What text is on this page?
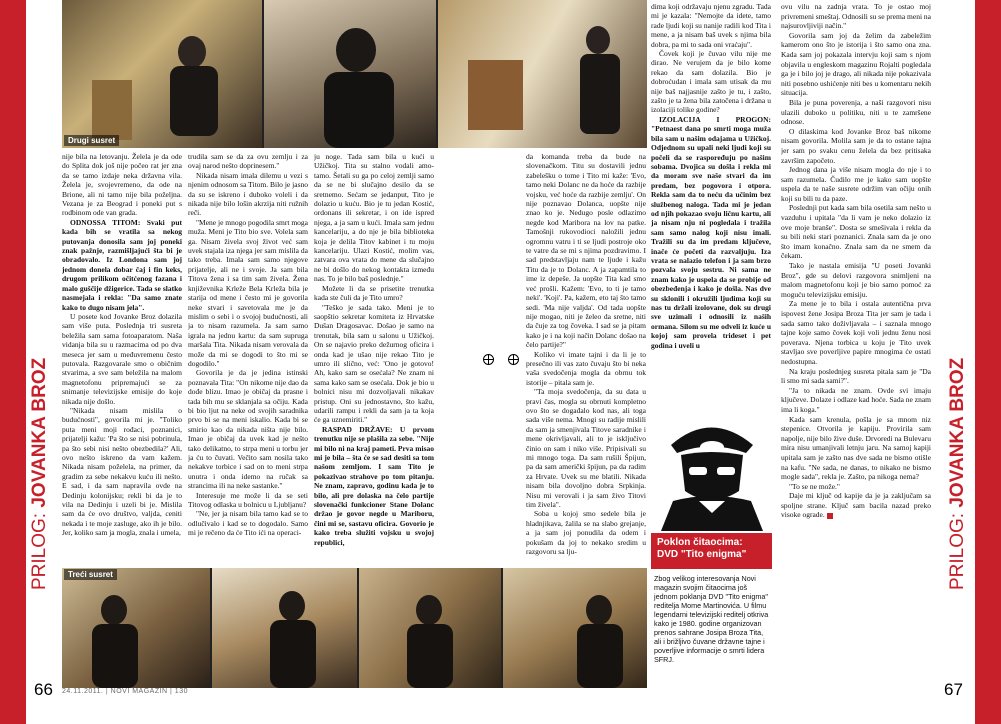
PRILOG: JOVANKA BROZ
PRILOG: JOVANKA BROZ
66	67
24.11.2011. | NOVI MAGAZIN | 130
Drugi susret
Treći susret

nije bila na letovanju. Želela je da ode do Splita dok još nije počeo rat jer zna da se tamo izdaje neka državna vila. Želela je, svojevremeno, da ode na Brione, ali ni tamo nije bila poželjna. Vezana je za Beograd i poneki put s rodbinom ode van grada.

ODNOSSA TITOM: Svaki put kada bih se vratila sa nekog putovanja donosila sam joj poneki znak pažnje, razmišljajući šta bi je obradovalo. Iz Londona sam joj jednom donela dobar čaj i fin keks, drugom prilikom očitćenog fazana i malo guščije džigerice. Tada se slatko nasmejala i rekla: "Da samo znate kako to dugo nisam jela".

U posete kod Jovanke Broz dolazila sam više puta. Poslednja tri susreta beležila sam sama fotoaparatom. Naša vidanja bila su u razmacima od po dva meseca jer sam u međuvremenu često putovala. Razgovarale smo o običnim stvarima, a sve sam beležila na malom magnetofonu pripremajući se za snimanje televizijske emisije do koje nikada nije došlo.

"Nikada nisam mislila o budućnosti", govorila mi je. "Toliko puta meni moji rođaci, poznanici, prijatelji kažu: 'Pa što se nisi pobrinula, pa što sebi nisi nešto obezbedila?' Ali, ovo nešto iskreno da vam kažem. Nikada nisam poželela, na primer, da gradim za sebe nekakvu kuću ili nešto. E sad, i da sam napravila ovde na Dedinju kolonijsku; rekli bi da je to vila na Dedinju i uzeli bi je. Mislila sam da će ovo društvo, valjda, ceniti nekada i te moje zasluge, ako ih je bilo. Jer, koliko sam ja mogla, znala i umela,

trudila sam se da za ovu zemlju i za ovaj narod nešto doprinesem."

Nikada nisam imala dilemu u vezi s njenim odnosom sa Titom. Bilo je jasno da su se iskreno i duboko voleli i da nikada nije bilo lošin akrzija niti ružnih reči.

"Mene je mnogo pogodila smrt moga muža. Meni je Tito bio sve. Volela sam ga. Nisam živela svoj život već sam uvek stajala iza njega jer sam mislila da tako treba. Imala sam samo njegove prijatelje, ali ne i svoje. Ja sam bila Titova žena i sa tim sam živela. Žena književnika Krleže Bela Krleža bila je starija od mene i često mi je govorila neke stvari i savetovala me je da mislim o sebi i o svojoj budućnosti, ali ja to nisam razumela. Ja sam samo igrala na jednu kartu: da sam supruga maršala Tita. Nikada nisam verovala da može da mi se dogodi to što mi se dogodilo."

Govorila je da je jedina istinski poznavala Tita: "On nikome nije dao da dođe blizu. Imao je običaj da prasne i tada bih mu se sklanjala sa očiju. Kada bi bio ljut na neke od svojih saradnika prvo bi se na meni iskalio. Kada bi se smirio kao da nikada ništa nije bilo. Imao je običaj da uvek kad je nešto tako delikatno, to strpa meni u torbu jer ja ću to čuvati. Večito sam nosila tako nekakve torbice i sad on to meni strpa unutra i onda idemo na ručak sa strancima ili na neke sastanke."

Interesuje me može li da se seti Titovog odlaska u bolnicu u Ljubljanu?

"Ne, jer ja nisam bila tamo kad se to odlučivalo i kad se to dogodalo. Samo mi je rečeno da će Tito ići na operaci-

ju noge. Tada sam bila u kući u Užičkoj. Tita su stalno vodali amo-tamo. Šetali su ga po celoj zemlji samo da se ne bi slučajno desilo da se sretnemo. Sećam se jedanput, Tito je dolazio u kuću. Bio je tu jedan Kostić, ordonans ili sekretar, i on ide ispred njega, a ja sam u kući. Imala sam jednu kancelariju, a do nje je bila biblioteka koja je delila Titov kabinet i tu moju kancelariju. Ulazi Kostić, molim vas, zatvara ova vrata do mene da slučajno ne bi došlo do nekog kontakta između nas. To je bilo baš poslednje."

Možete li da se prisetite trenutka kada ste čuli da je Tito umro?

"Teško je sada tako. Meni je to saopštio sekretar komiteta iz Hrvatske Dušan Dragosavac. Došao je samo na trenutak, bila sam u salonu u Užičkoj. On se najavio preko dežurnog oficira i onda kad je ušao nije rekao Tito je umro ili slično, već: 'Ono je gotovo! Ah, kako sam se osećala? Ne znam ni sama kako sam se osećala. Dok je bio u bolnici nisu mi dozvoljavali nikakav pristup. Oni su jednostavno, što kažu, udarili rampu i rekli da sam ja ta koja će ga uznemiriti."

RASPAD DRŽAVE: U prvom trenutku nije se plašila za sebe. "Nije mi bilo ni na kraj pameti. Prva misao mi je bila – šta će se sad desiti sa tom našom zemljom. I sam Tito je pokazivao strahove po tom pitanju. Ne znam, zapravo, godinu kada je to bilo, ali pre dolaska na čelo partije slovenački funkcioner Stane Dolanc držao je govor negde u Mariboru, čini mi se, sastavu oficira. Govorio je kako treba služiti vojsku u svojoj republici,

da komanda treba da bude na slovenačkom. Titu su dostavili jednu zabelešku o tome i Tito mi kaže: 'Evo, tamo neki Dolanc ne da hoće da razbije vojsku, već hoće da razbije zemlju'. On nije poznavao Dolanca, uopšte nije znao ko je. Nedugo posle odlazimo negde kod Maribora na lov na patke. Tamošnji rukovodioci naložili jednu ogromnu vatru i ti se ljudi postroje oko te vatre da se mi s njima pozdravimo. I sad predstavljaju nam te ljude i kažu Titu da je to Dolanc. A ja zapamtila to ime iz depeše. Ja uopšte Tita kad smo već prošli. Kažem: 'Evo, to ti je tamo neki'. 'Koji'. Pa, kažem, eto taj što tamo sedi. 'Ma nije valjda'. Od tada uopšte nije mogao, niti je želeo da sretne, niti da čuje za tog čoveka. I sad se ja pitam kako je i na koji način Dolanc došao na čelo partije?"

Koliko vi imate tajni i da li je to presečno ili vas zato čuvaju što bi neka vaša svedočenja mogla da obrnu tok istorije – pitala sam je.

"Ta moja svedočenja, da su data u pravi čas, mogla su obrnuti kompletno ovo što se događalo kod nas, ali toga sada više nema. Mnogi su radije mislili da sam ja smenjivala Titove saradnike i mene okrivljavali, ali to je isključivo činio on sam i niko više. Pripisivali su mi mnogo toga. Da sam rušili Špijun, pa da sam američki špijun, pa da radim za Hrvate. Uvek su me blatili. Nikada nisam bila dovoljno dobra Srpkinja. Nisu mi verovali i ja sam živo Titovi tim živela".

Soba u kojoj smo sedele bila je hladnjikava, žalila se na slabo grejanje, a ja sam joj ponudila da odem i pokušam da joj to nekako sredim u razgovoru sa lju-

dima koji održavaju njenu zgradu. Tada mi je kazala: "Nemojte da idete, tamo rade ljudi koji su nanije radili kod Tita i mene, a ja nisam baš uvek s njima bila dobra, pa mi to sada oni vraćaju".

Čovek koji je čuvao vilu nije me dirao. Ne verujem da je bilo kome rekao da sam dolazila. Bio je dobroćudan i imala sam utisak da mu nije baš najjasnije zašto je tu, i zašto, zašto je ta žena bila zatočena i držana u izolaciji tolike godine?

IZOLACIJA I PROGON: "Petnaest dana po smrti moga muža bila sam u našim odajama u Užičkoj. Odjednom su upali neki ljudi koji su počeli da se raspoređuju po našim sobama. Dvojica su došla i rekla mi da moram sve naše stvari da im predam, bez pogovora i otpora. Rekla sam da to neću da učinim bez službenog naloga. Tada mi je jedan od njih pokazao svoju ličnu kartu, ali ja nisam nju ni pogledala i tražila sam samo nalog koji nisu imali. Tražili su da im predam ključeve, inače će početi da razvaljuju. Iza vrata se nalazio telefon i ja sam brzo pozvala svoju sestru. Ni sama ne znam kako je uspela da se probije od obezbeđenja i kako je došla. Nas dve su sklonili i okružili ljudima koji su nas tu držali izolovane, dok su drugi sve uzimali i odnosili iz naših ormana. Silom su me odveli iz kuće u kojoj sam provela trideset i pet godina i uveli u

Poklon čitaocima: DVD "Tito enigma"
Zbog velikog interesovanja Novi magazin svojim čitaocima još jednom poklanja DVD "Tito enigma" reditelja Mome Martinovića. U filmu legendarni televizijski reditelj otkriva kako je 1980. godine organizovan prenos sahrane Josipa Broza Tita, ali i brižljivo čuvane državne tajne i poverljive informacije o smrti lidera SFRJ.

ovu vilu na zadnja vrata. To je ostao moj privremeni smeštaj. Odnosili su se prema meni na najsurovljiviji način."

Govorila sam joj da želim da zabeležim kamerom ono što je istorija i što samo ona zna. Kada sam joj pokazala intervju koji sam s njom objavila u engleskom magazinu Rojalti pogledala ga je i bilo joj je drago, ali nikada nije pokazivala niti posebno ushićenje niti bes u komentaru nekih situacija.

Bila je puna poverenja, a naši razgovori nisu ulazili duboko u politiku, niti u te zamršene odnose.

O dilaskima kod Jovanke Broz baš nikome nisam govorila. Molila sam je da to ostane tajna jer sam po svaku cenu želela da bez pritisaka završim započeto.

Jednog dana ja više nisam mogla do nje i to sam razumela. Čudilo me je kako sam uopšte uspela da te naše susrete održim van očiju onih koji su bili tu da paze.

Poslednji put kada sam bila osetila sam nešto u vazduhu i upitala "da li vam je neko dolazio iz ove moje branše". Dosta se smešivala i rekla da su bili neki stari poznanici. Znala sam da je ono što imam konačno. Znala sam da ne smem da čekam.

Tako je nastala emisija "U poseti Jovanki Broz", gde su delovi razgovora snimljeni na malom magnetofonu koji je bio samo pomoć za moguću televizijsku emisiju.

Za mene je to bila i ostala autentična prva ispovest žene Josipa Broza Tita jer sam je tada i sada samo tako doživljavala – i saznala mnogo tajne koje samo čovek koji voli jednu ženu nosi poverava. Njena torbica u koju je Tito uvek stavljao sve poverljive papire mnogima će ostati nedostupna.

Na kraju poslednjeg susreta pitala sam je "Da li smo mi sada sami?".

"Ja to nikada ne znam. Ovde svi imaju ključeve. Dolaze i odlaze kad hoće. Sada ne znam ima li koga."

Kada sam krenula, pošla je sa mnom niz stepenice. Otvorila je kapiju. Provirila sam napolje, nije bilo žive duše. Drvoredi na Bulevaru mira nisu umanjivali letnju jaru. Na samoj kapiji upitala sam je zašto nas dve sada ne bismo otišle na kafu. "Ne sada, ne danas, to nikako ne bismo mogle sada", rekla je. Zašto, pa nikoga nema?

"To se ne može."

Daje mi ključ od kapije da je ja zaključam sa spoljne strane. Ključ sam bacila nazad preko visoke ograde.
